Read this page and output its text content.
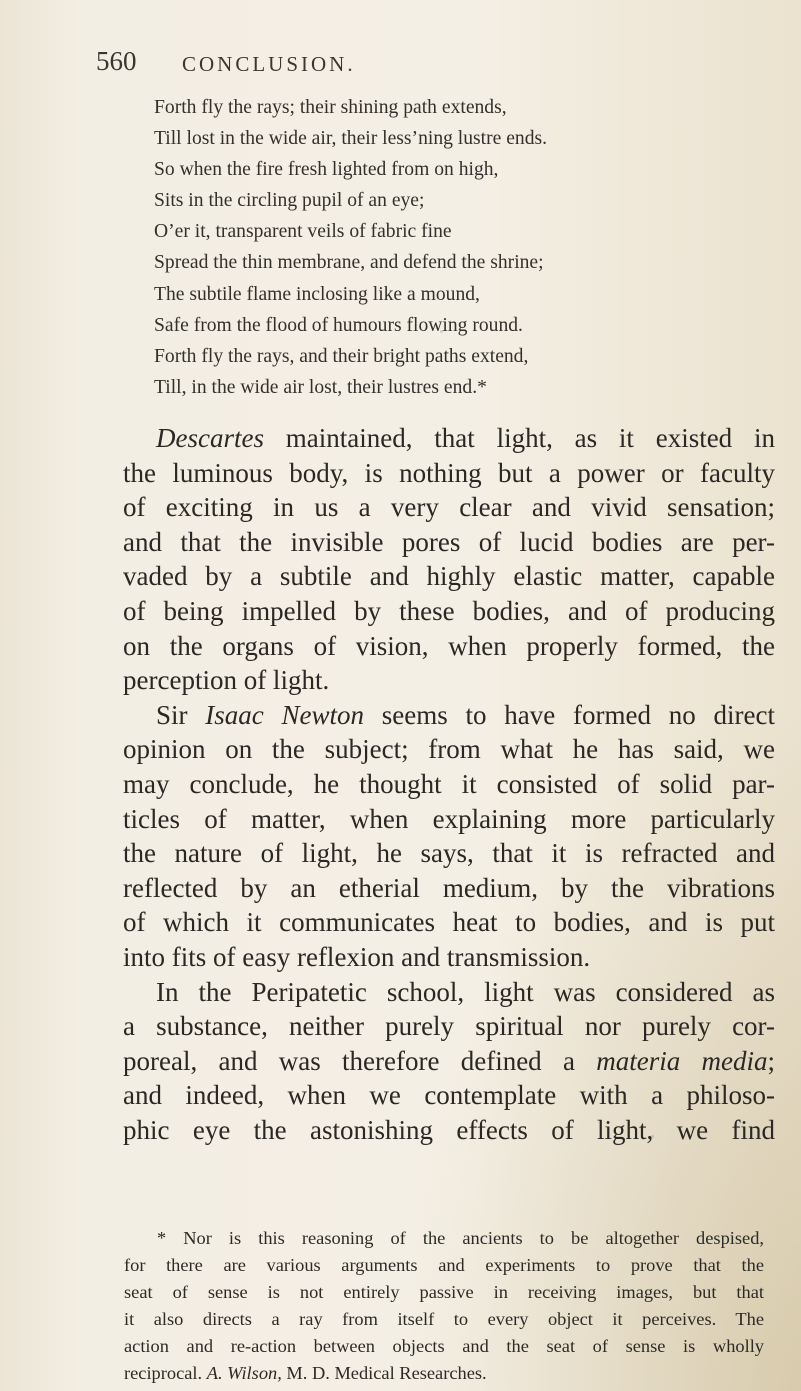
560 CONCLUSION.
Forth fly the rays; their shining path extends,
Till lost in the wide air, their less’ning lustre ends.
So when the fire fresh lighted from on high,
Sits in the circling pupil of an eye;
O’er it, transparent veils of fabric fine
Spread the thin membrane, and defend the shrine;
The subtile flame inclosing like a mound,
Safe from the flood of humours flowing round.
Forth fly the rays, and their bright paths extend,
Till, in the wide air lost, their lustres end.*
Descartes maintained, that light, as it existed in
the luminous body, is nothing but a power or faculty
of exciting in us a very clear and vivid sensation;
and that the invisible pores of lucid bodies are per-
vaded by a subtile and highly elastic matter, capable
of being impelled by these bodies, and of producing
on the organs of vision, when properly formed, the
perception of light.
Sir Isaac Newton seems to have formed no direct
opinion on the subject; from what he has said, we
may conclude, he thought it consisted of solid par-
ticles of matter, when explaining more particularly
the nature of light, he says, that it is refracted and
reflected by an etherial medium, by the vibrations
of which it communicates heat to bodies, and is put
into fits of easy reflexion and transmission.
In the Peripatetic school, light was considered as
a substance, neither purely spiritual nor purely cor-
poreal, and was therefore defined a materia media;
and indeed, when we contemplate with a philoso-
phic eye the astonishing effects of light, we find
* Nor is this reasoning of the ancients to be altogether despised,
for there are various arguments and experiments to prove that the
seat of sense is not entirely passive in receiving images, but that
it also directs a ray from itself to every object it perceives. The
action and re-action between objects and the seat of sense is wholly
reciprocal. A. Wilson, M. D. Medical Researches.
